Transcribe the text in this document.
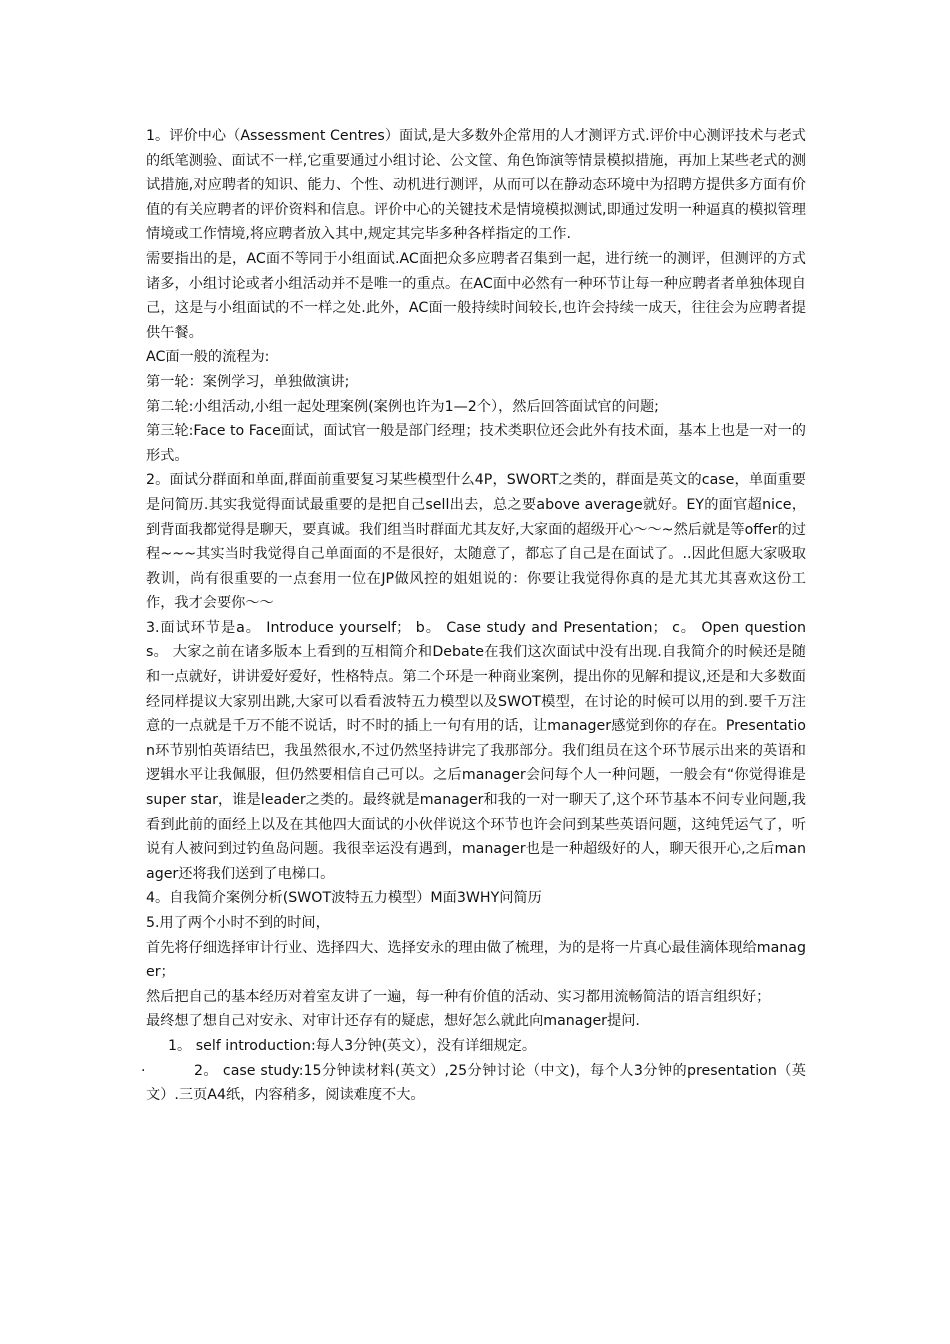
1。评价中心（Assessment Centres）面试,是大多数外企常用的人才测评方式.评价中心测评技术与老式的纸笔测验、面试不一样,它重要通过小组讨论、公文筐、角色饰演等情景模拟措施，再加上某些老式的测试措施,对应聘者的知识、能力、个性、动机进行测评，从而可以在静动态环境中为招聘方提供多方面有价值的有关应聘者的评价资料和信息。评价中心的关键技术是情境模拟测试,即通过发明一种逼真的模拟管理情境或工作情境,将应聘者放入其中,规定其完毕多种各样指定的工作.

需要指出的是，AC面不等同于小组面试.AC面把众多应聘者召集到一起，进行统一的测评，但测评的方式诸多，小组讨论或者小组活动并不是唯一的重点。在AC面中必然有一种环节让每一种应聘者者单独体现自己，这是与小组面试的不一样之处.此外，AC面一般持续时间较长,也许会持续一成天，往往会为应聘者提供午餐。

AC面一般的流程为:

第一轮：案例学习，单独做演讲;

第二轮:小组活动,小组一起处理案例(案例也许为1—2个），然后回答面试官的问题;

第三轮:Face to Face面试，面试官一般是部门经理；技术类职位还会此外有技术面，基本上也是一对一的形式。

2。面试分群面和单面,群面前重要复习某些模型什么4P，SWORT之类的，群面是英文的case，单面重要是问简历.其实我觉得面试最重要的是把自己sell出去，总之要above average就好。EY的面官超nice，到背面我都觉得是聊天，要真诚。我们组当时群面尤其友好,大家面的超级开心～～~然后就是等offer的过程~~~其实当时我觉得自己单面面的不是很好，太随意了，都忘了自己是在面试了。..因此但愿大家吸取教训，尚有很重要的一点套用一位在JP做风控的姐姐说的：你要让我觉得你真的是尤其尤其喜欢这份工作，我才会要你～～

3.面试环节是a。 Introduce yourself； b。 Case study and Presentation； c。 Open questions。 大家之前在诸多版本上看到的互相简介和Debate在我们这次面试中没有出现.自我简介的时候还是随和一点就好，讲讲爱好爱好，性格特点。第二个环是一种商业案例，提出你的见解和提议,还是和大多数面经同样提议大家别出跳,大家可以看看波特五力模型以及SWOT模型，在讨论的时候可以用的到.要千万注意的一点就是千万不能不说话，时不时的插上一句有用的话，让manager感觉到你的存在。Presentation环节别怕英语结巴，我虽然很水,不过仍然坚持讲完了我那部分。我们组员在这个环节展示出来的英语和逻辑水平让我佩服，但仍然要相信自己可以。之后manager会问每个人一种问题，一般会有“你觉得谁是super star，谁是leader之类的。最终就是manager和我的一对一聊天了,这个环节基本不问专业问题,我看到此前的面经上以及在其他四大面试的小伙伴说这个环节也许会问到某些英语问题，这纯凭运气了，听说有人被问到过钓鱼岛问题。我很幸运没有遇到，manager也是一种超级好的人，聊天很开心,之后manager还将我们送到了电梯口。

4。自我简介案例分析(SWOT波特五力模型）M面3WHY问简历

5.用了两个小时不到的时间，

首先将仔细选择审计行业、选择四大、选择安永的理由做了梳理，为的是将一片真心最佳滴体现给manager；

然后把自己的基本经历对着室友讲了一遍，每一种有价值的活动、实习都用流畅简洁的语言组织好；

最终想了想自己对安永、对审计还存有的疑虑，想好怎么就此向manager提问.

1。 self introduction:每人3分钟(英文），没有详细规定。

·	2。 case study:15分钟读材料(英文）,25分钟讨论（中文)，每个人3分钟的presentation（英文）.三页A4纸，内容稍多，阅读难度不大。
